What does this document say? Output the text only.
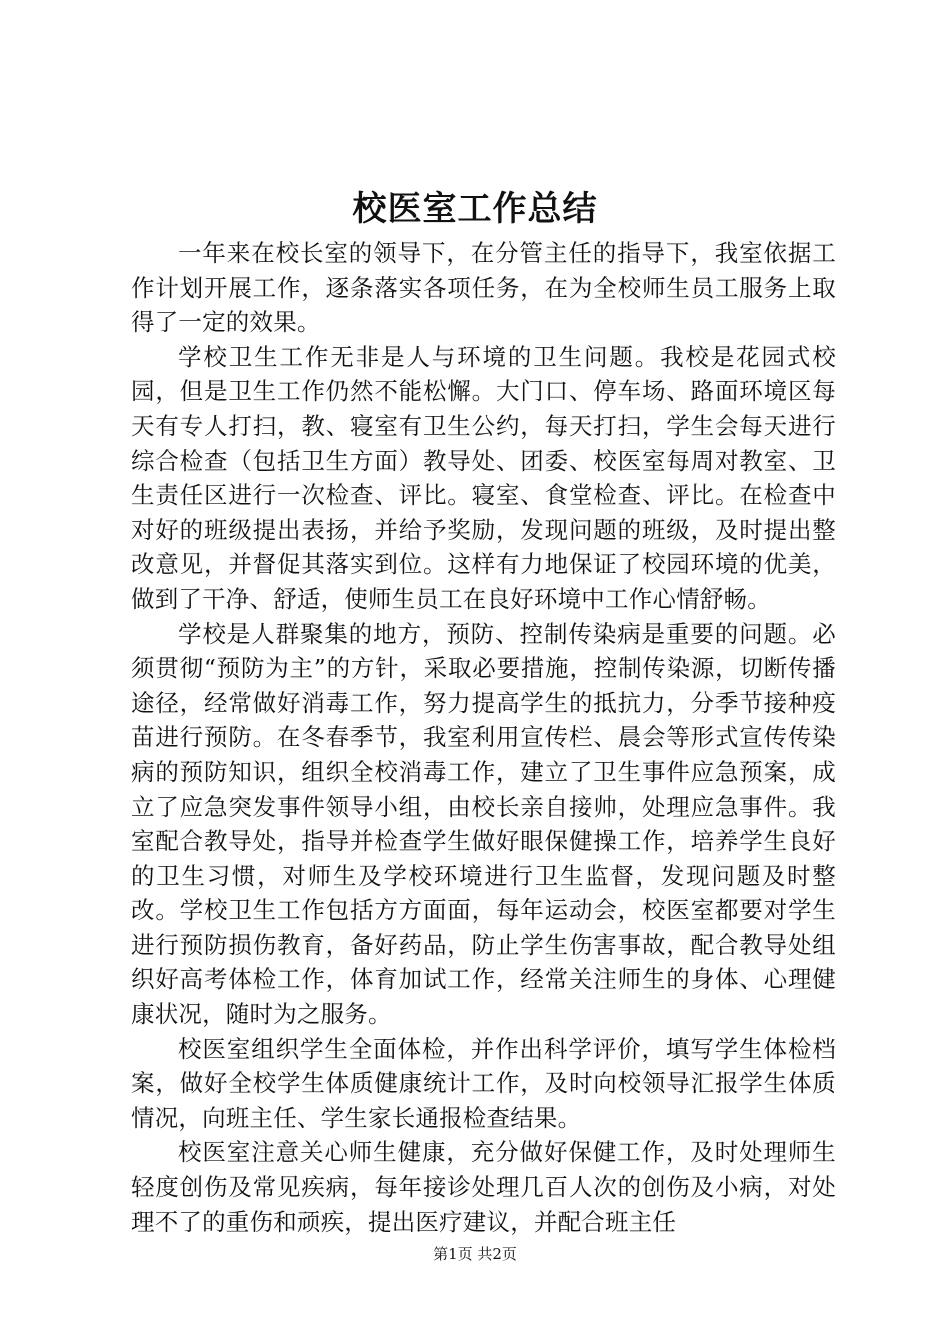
校医室工作总结

一年来在校长室的领导下，在分管主任的指导下，我室依据工作计划开展工作，逐条落实各项任务，在为全校师生员工服务上取得了一定的效果。

学校卫生工作无非是人与环境的卫生问题。我校是花园式校园，但是卫生工作仍然不能松懈。大门口、停车场、路面环境区每天有专人打扫，教、寝室有卫生公约，每天打扫，学生会每天进行综合检查（包括卫生方面）教导处、团委、校医室每周对教室、卫生责任区进行一次检查、评比。寝室、食堂检查、评比。在检查中对好的班级提出表扬，并给予奖励，发现问题的班级，及时提出整改意见，并督促其落实到位。这样有力地保证了校园环境的优美，做到了干净、舒适，使师生员工在良好环境中工作心情舒畅。

学校是人群聚集的地方，预防、控制传染病是重要的问题。必须贯彻“预防为主”的方针，采取必要措施，控制传染源，切断传播途径，经常做好消毒工作，努力提高学生的抵抗力，分季节接种疫苗进行预防。在冬春季节，我室利用宣传栏、晨会等形式宣传传染病的预防知识，组织全校消毒工作，建立了卫生事件应急预案，成立了应急突发事件领导小组，由校长亲自接帅，处理应急事件。我室配合教导处，指导并检查学生做好眼保健操工作，培养学生良好的卫生习惯，对师生及学校环境进行卫生监督，发现问题及时整改。学校卫生工作包括方方面面，每年运动会，校医室都要对学生进行预防损伤教育，备好药品，防止学生伤害事故，配合教导处组织好高考体检工作，体育加试工作，经常关注师生的身体、心理健康状况，随时为之服务。

校医室组织学生全面体检，并作出科学评价，填写学生体检档案，做好全校学生体质健康统计工作，及时向校领导汇报学生体质情况，向班主任、学生家长通报检查结果。

校医室注意关心师生健康，充分做好保健工作，及时处理师生轻度创伤及常见疾病，每年接诊处理几百人次的创伤及小病，对处理不了的重伤和顽疾，提出医疗建议，并配合班主任

第1页 共2页
